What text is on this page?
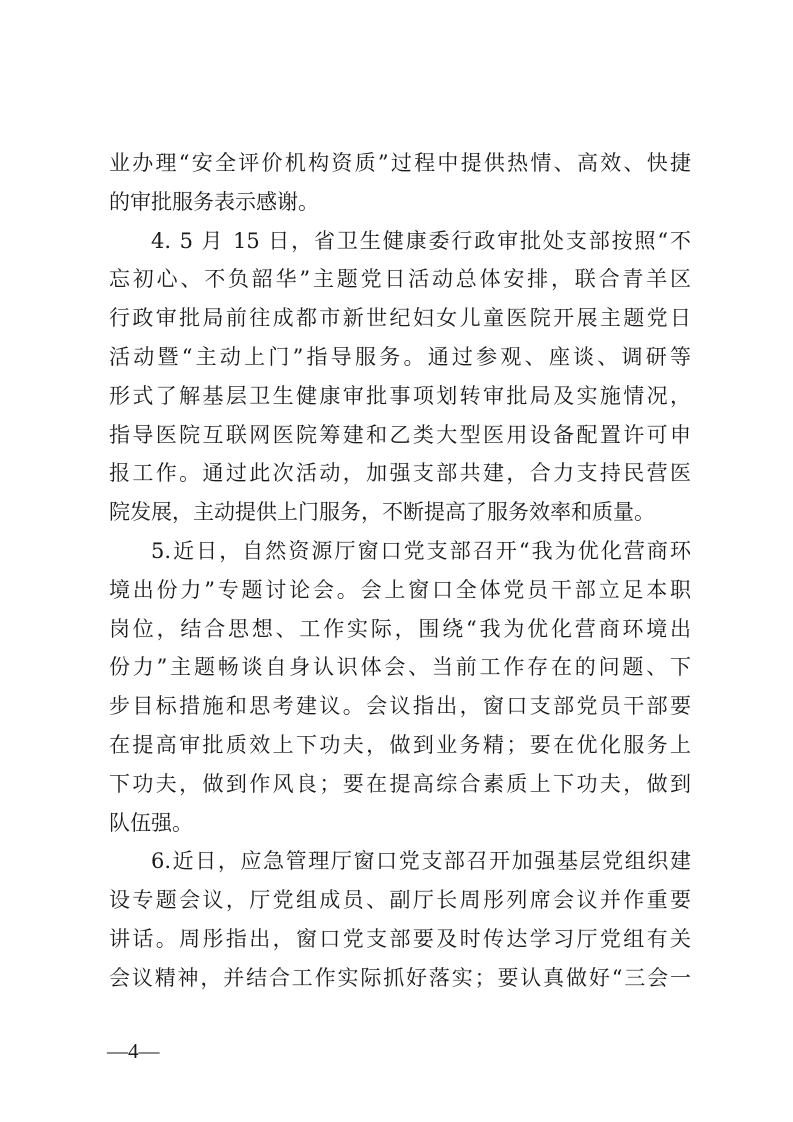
业办理“安全评价机构资质”过程中提供热情、高效、快捷
的审批服务表示感谢。
4. 5 月 15 日，省卫生健康委行政审批处支部按照“不
忘初心、不负韶华”主题党日活动总体安排，联合青羊区
行政审批局前往成都市新世纪妇女儿童医院开展主题党日
活动暨“主动上门”指导服务。通过参观、座谈、调研等
形式了解基层卫生健康审批事项划转审批局及实施情况，
指导医院互联网医院筹建和乙类大型医用设备配置许可申
报工作。通过此次活动，加强支部共建，合力支持民营医
院发展，主动提供上门服务，不断提高了服务效率和质量。
5.近日，自然资源厅窗口党支部召开“我为优化营商环
境出份力”专题讨论会。会上窗口全体党员干部立足本职
岗位，结合思想、工作实际，围绕“我为优化营商环境出
份力”主题畅谈自身认识体会、当前工作存在的问题、下
步目标措施和思考建议。会议指出，窗口支部党员干部要
在提高审批质效上下功夫，做到业务精；要在优化服务上
下功夫，做到作风良；要在提高综合素质上下功夫，做到
队伍强。
6.近日，应急管理厅窗口党支部召开加强基层党组织建
设专题会议，厅党组成员、副厅长周彤列席会议并作重要
讲话。周彤指出，窗口党支部要及时传达学习厅党组有关
会议精神，并结合工作实际抓好落实；要认真做好“三会一
—4—
